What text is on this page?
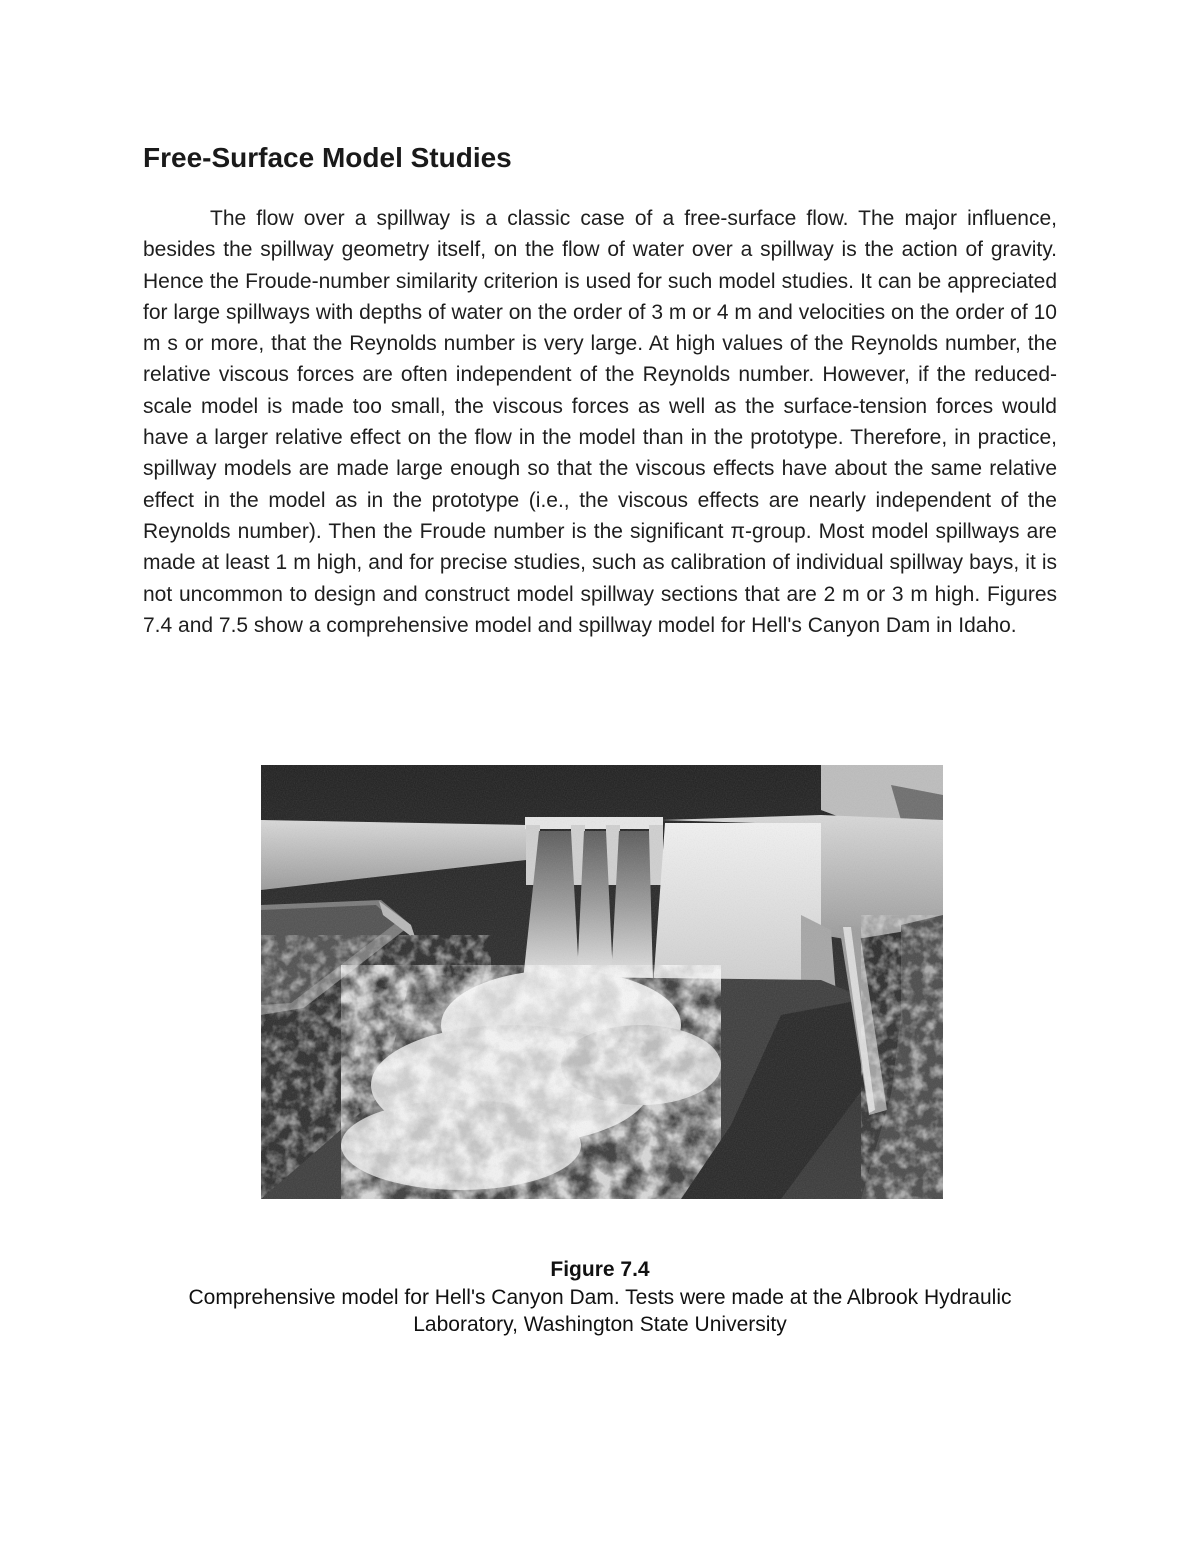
Free-Surface Model Studies

The flow over a spillway is a classic case of a free-surface flow. The major influence, besides the spillway geometry itself, on the flow of water over a spillway is the action of gravity. Hence the Froude-number similarity criterion is used for such model studies. It can be appreciated for large spillways with depths of water on the order of 3 m or 4 m and velocities on the order of 10 m s or more, that the Reynolds number is very large. At high values of the Reynolds number, the relative viscous forces are often independent of the Reynolds number. However, if the reduced-scale model is made too small, the viscous forces as well as the surface-tension forces would have a larger relative effect on the flow in the model than in the prototype. Therefore, in practice, spillway models are made large enough so that the viscous effects have about the same relative effect in the model as in the prototype (i.e., the viscous effects are nearly independent of the Reynolds number). Then the Froude number is the significant π-group. Most model spillways are made at least 1 m high, and for precise studies, such as calibration of individual spillway bays, it is not uncommon to design and construct model spillway sections that are 2 m or 3 m high. Figures 7.4 and 7.5 show a comprehensive model and spillway model for Hell's Canyon Dam in Idaho.

Figure 7.4
Comprehensive model for Hell's Canyon Dam. Tests were made at the Albrook Hydraulic Laboratory, Washington State University
